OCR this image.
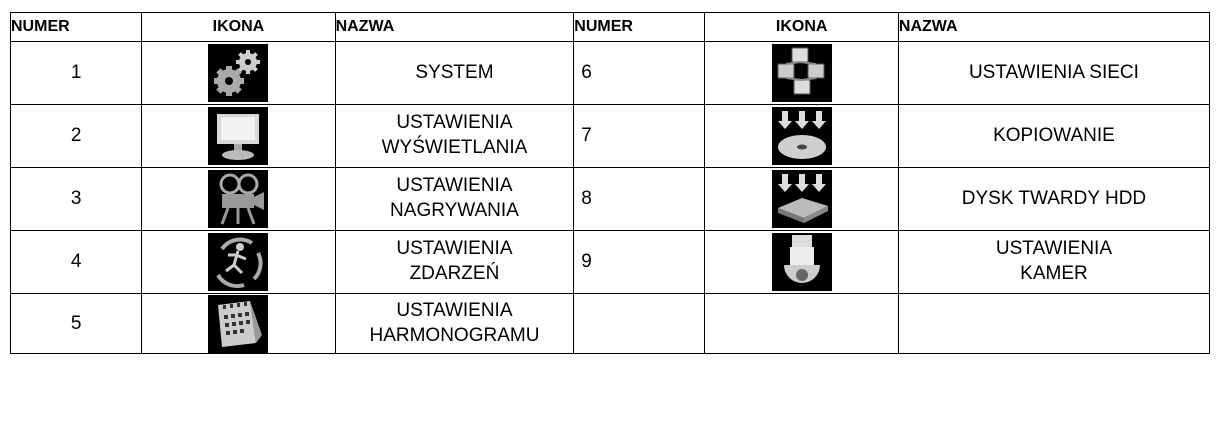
NUMER	IKONA	NAZWA	NUMER	IKONA	NAZWA
1		SYSTEM	6		USTAWIENIA SIECI

2		USTAWIENIA
WYŚWIETLANIA	7		KOPIOWANIE

3		USTAWIENIA
NAGRYWANIA	8		DYSK TWARDY HDD

4		USTAWIENIA
ZDARZEŃ	9		USTAWIENIA
KAMER

5		USTAWIENIA
HARMONOGRAMU			
